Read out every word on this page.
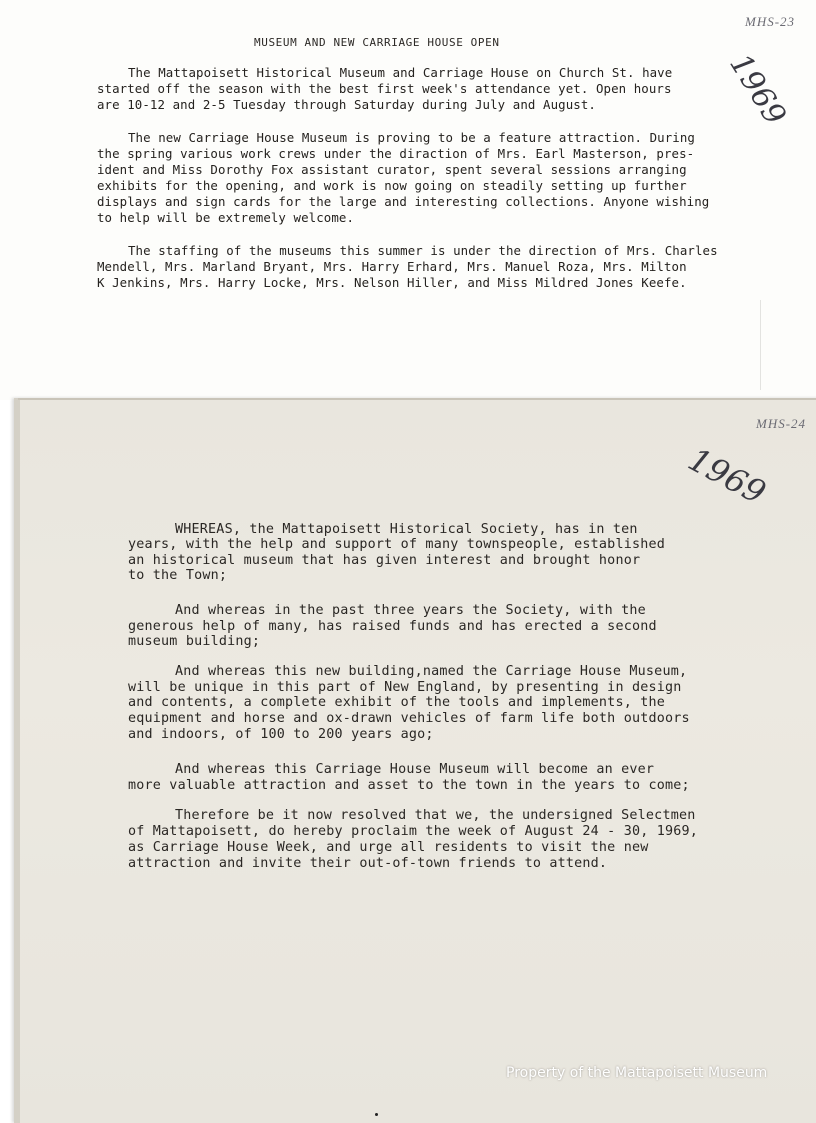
MHS-23
1969
MUSEUM AND NEW CARRIAGE HOUSE OPEN
The Mattapoisett Historical Museum and Carriage House on Church St. have
started off the season with the best first week's attendance yet. Open hours
are 10-12 and 2-5 Tuesday through Saturday during July and August.
The new Carriage House Museum is proving to be a feature attraction. During
the spring various work crews under the diraction of Mrs. Earl Masterson, pres-
ident and Miss Dorothy Fox assistant curator, spent several sessions arranging
exhibits for the opening, and work is now going on steadily setting up further
displays and sign cards for the large and interesting collections. Anyone wishing
to help will be extremely welcome.
The staffing of the museums this summer is under the direction of Mrs. Charles
Mendell, Mrs. Marland Bryant, Mrs. Harry Erhard, Mrs. Manuel Roza, Mrs. Milton
K Jenkins, Mrs. Harry Locke, Mrs. Nelson Hiller, and Miss Mildred Jones Keefe.
MHS-24
1969
WHEREAS, the Mattapoisett Historical Society, has in ten
years, with the help and support of many townspeople, established
an historical museum that has given interest and brought honor
to the Town;
And whereas in the past three years the Society, with the
generous help of many, has raised funds and has erected a second
museum building;
And whereas this new building,named the Carriage House Museum,
will be unique in this part of New England, by presenting in design
and contents, a complete exhibit of the tools and implements, the
equipment and horse and ox-drawn vehicles of farm life both outdoors
and indoors, of 100 to 200 years ago;
And whereas this Carriage House Museum will become an ever
more valuable attraction and asset to the town in the years to come;
Therefore be it now resolved that we, the undersigned Selectmen
of Mattapoisett, do hereby proclaim the week of August 24 - 30, 1969,
as Carriage House Week, and urge all residents to visit the new
attraction and invite their out-of-town friends to attend.
Property of the Mattapoisett Museum
